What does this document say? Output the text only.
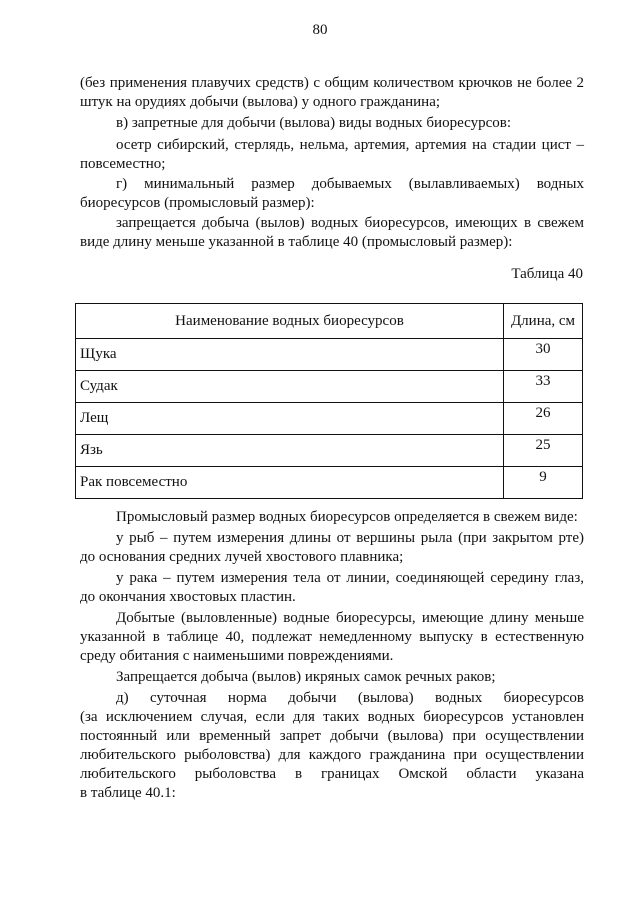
80

(без применения плавучих средств) с общим количеством крючков не более 2

штук на орудиях добычи (вылова) у одного гражданина;

в) запретные для добычи (вылова) виды водных биоресурсов:

осетр сибирский, стерлядь, нельма, артемия, артемия на стадии цист –

повсеместно;

г) минимальный размер добываемых (вылавливаемых) водных

биоресурсов (промысловый размер):

запрещается добыча (вылов) водных биоресурсов, имеющих в свежем

виде длину меньше указанной в таблице 40 (промысловый размер):

Таблица 40
Наименование водных биоресурсов	Длина, см
Щука	30
Судак	33
Лещ	26
Язь	25
Рак повсеместно	9

Промысловый размер водных биоресурсов определяется в свежем виде:

у рыб – путем измерения длины от вершины рыла (при закрытом рте)

до основания средних лучей хвостового плавника;

у рака – путем измерения тела от линии, соединяющей середину глаз,

до окончания хвостовых пластин.

Добытые (выловленные) водные биоресурсы, имеющие длину меньше

указанной в таблице 40, подлежат немедленному выпуску в естественную

среду обитания с наименьшими повреждениями.

Запрещается добыча (вылов) икряных самок речных раков;

д) суточная норма добычи (вылова) водных биоресурсов

(за исключением случая, если для таких водных биоресурсов установлен

постоянный или временный запрет добычи (вылова) при осуществлении

любительского рыболовства) для каждого гражданина при осуществлении

любительского рыболовства в границах Омской области указана

в таблице 40.1:
